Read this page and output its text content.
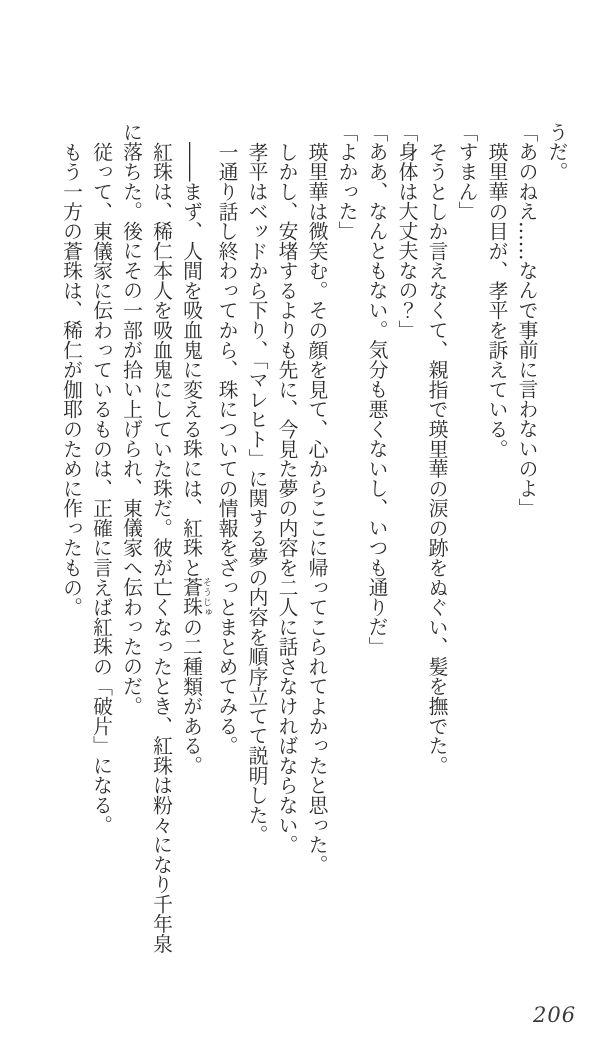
うだ。

「あのねえ……なんで事前に言わないのよ」

瑛里華の目が、孝平を訴えている。

「すまん」

そうとしか言えなくて、親指で瑛里華の涙の跡をぬぐい、髪を撫でた。

「身体は大丈夫なの？」

「ああ、なんともない。気分も悪くないし、いつも通りだ」

「よかった」

瑛里華は微笑む。その顔を見て、心からここに帰ってこられてよかったと思った。

しかし、安堵するよりも先に、今見た夢の内容を二人に話さなければならない。

孝平はベッドから下り、「マレヒト」に関する夢の内容を順序立てて説明した。

一通り話し終わってから、珠についての情報をざっとまとめてみる。

――まず、人間を吸血鬼に変える珠には、紅珠と蒼珠そうじゅの二種類がある。

紅珠は、稀仁本人を吸血鬼にしていた珠だ。彼が亡くなったとき、紅珠は粉々になり千年泉に落ちた。後にその一部が拾い上げられ、東儀家へ伝わったのだ。

従って、東儀家に伝わっているものは、正確に言えば紅珠の「破片」になる。

もう一方の蒼珠は、稀仁が伽耶のために作ったもの。

206
